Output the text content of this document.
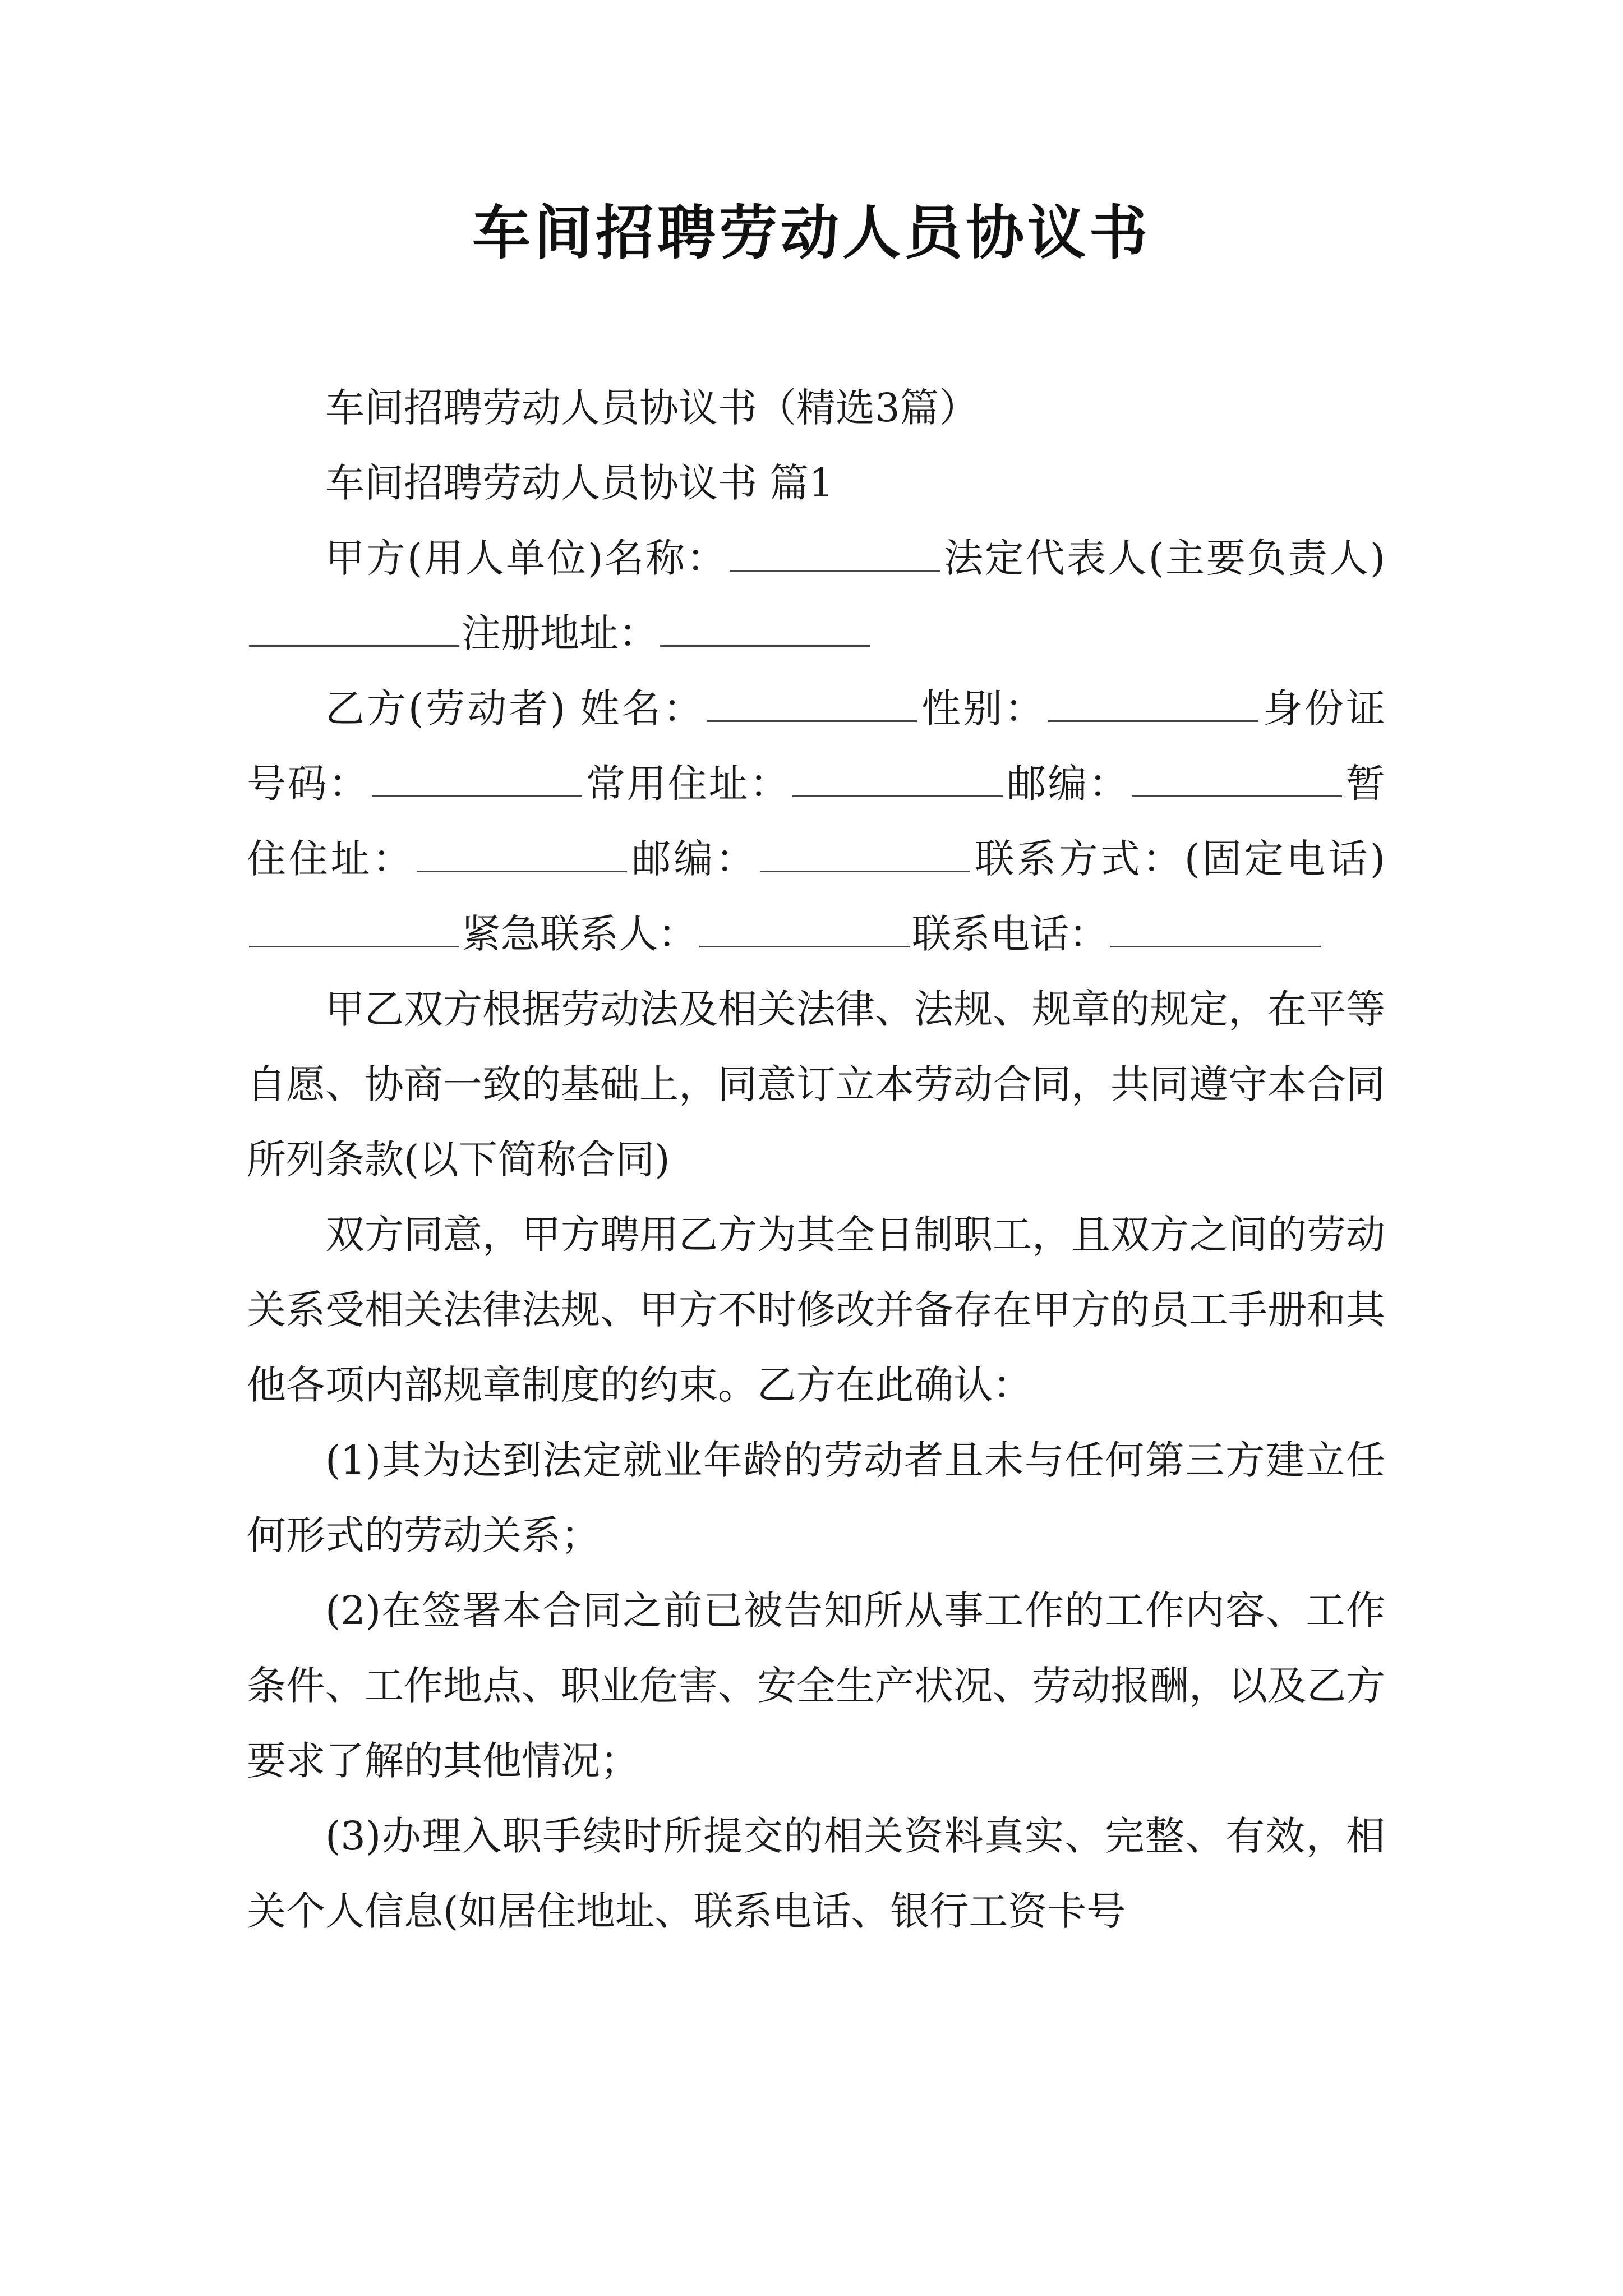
车间招聘劳动人员协议书

车间招聘劳动人员协议书（精选3篇）

车间招聘劳动人员协议书 篇1

甲方(用人单位)名称：	法定代表人(主要负责人)注册地址：

乙方(劳动者) 姓名：	性别：	身份证号码：	常用住址：	邮编：	暂住住址：	邮编：	联系方式：(固定电话)紧急联系人：	联系电话：

甲乙双方根据劳动法及相关法律、法规、规章的规定，在平等自愿、协商一致的基础上，同意订立本劳动合同，共同遵守本合同所列条款(以下简称合同)

双方同意，甲方聘用乙方为其全日制职工，且双方之间的劳动关系受相关法律法规、甲方不时修改并备存在甲方的员工手册和其他各项内部规章制度的约束。乙方在此确认：

(1)其为达到法定就业年龄的劳动者且未与任何第三方建立任何形式的劳动关系；

(2)在签署本合同之前已被告知所从事工作的工作内容、工作条件、工作地点、职业危害、安全生产状况、劳动报酬，以及乙方要求了解的其他情况；

(3)办理入职手续时所提交的相关资料真实、完整、有效，相关个人信息(如居住地址、联系电话、银行工资卡号
